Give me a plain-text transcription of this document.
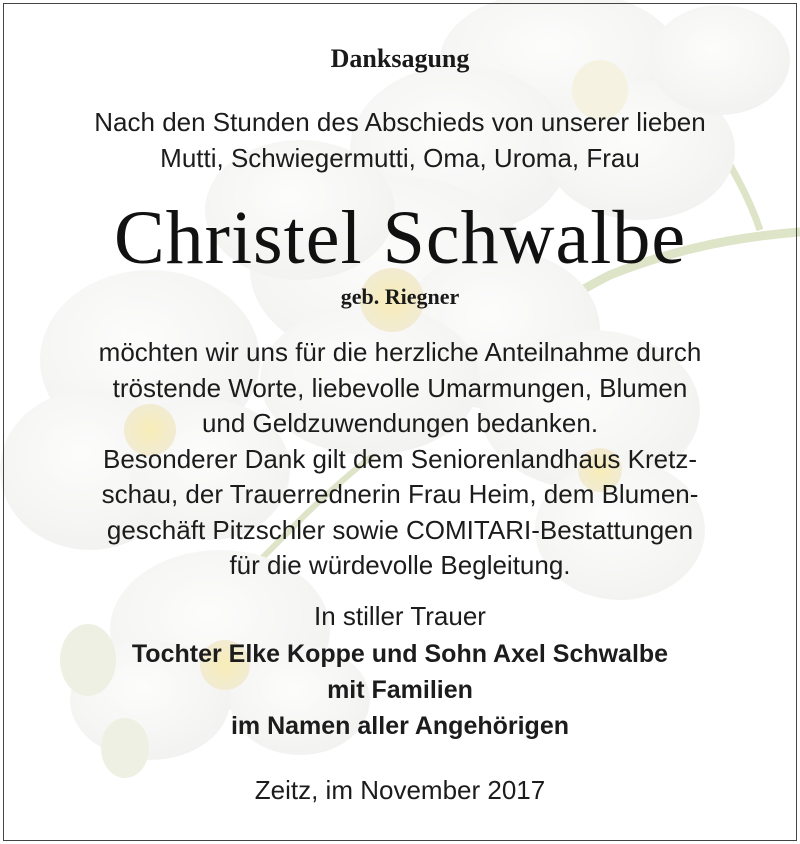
Danksagung
Nach den Stunden des Abschieds von unserer lieben
Mutti, Schwiegermutti, Oma, Uroma, Frau
Christel Schwalbe
geb. Riegner
möchten wir uns für die herzliche Anteilnahme durch
tröstende Worte, liebevolle Umarmungen, Blumen
und Geldzuwendungen bedanken.
Besonderer Dank gilt dem Seniorenlandhaus Kretz-
schau, der Trauerrednerin Frau Heim, dem Blumen-
geschäft Pitzschler sowie COMITARI-Bestattungen
für die würdevolle Begleitung.
In stiller Trauer
Tochter Elke Koppe und Sohn Axel Schwalbe
mit Familien
im Namen aller Angehörigen
Zeitz, im November 2017
